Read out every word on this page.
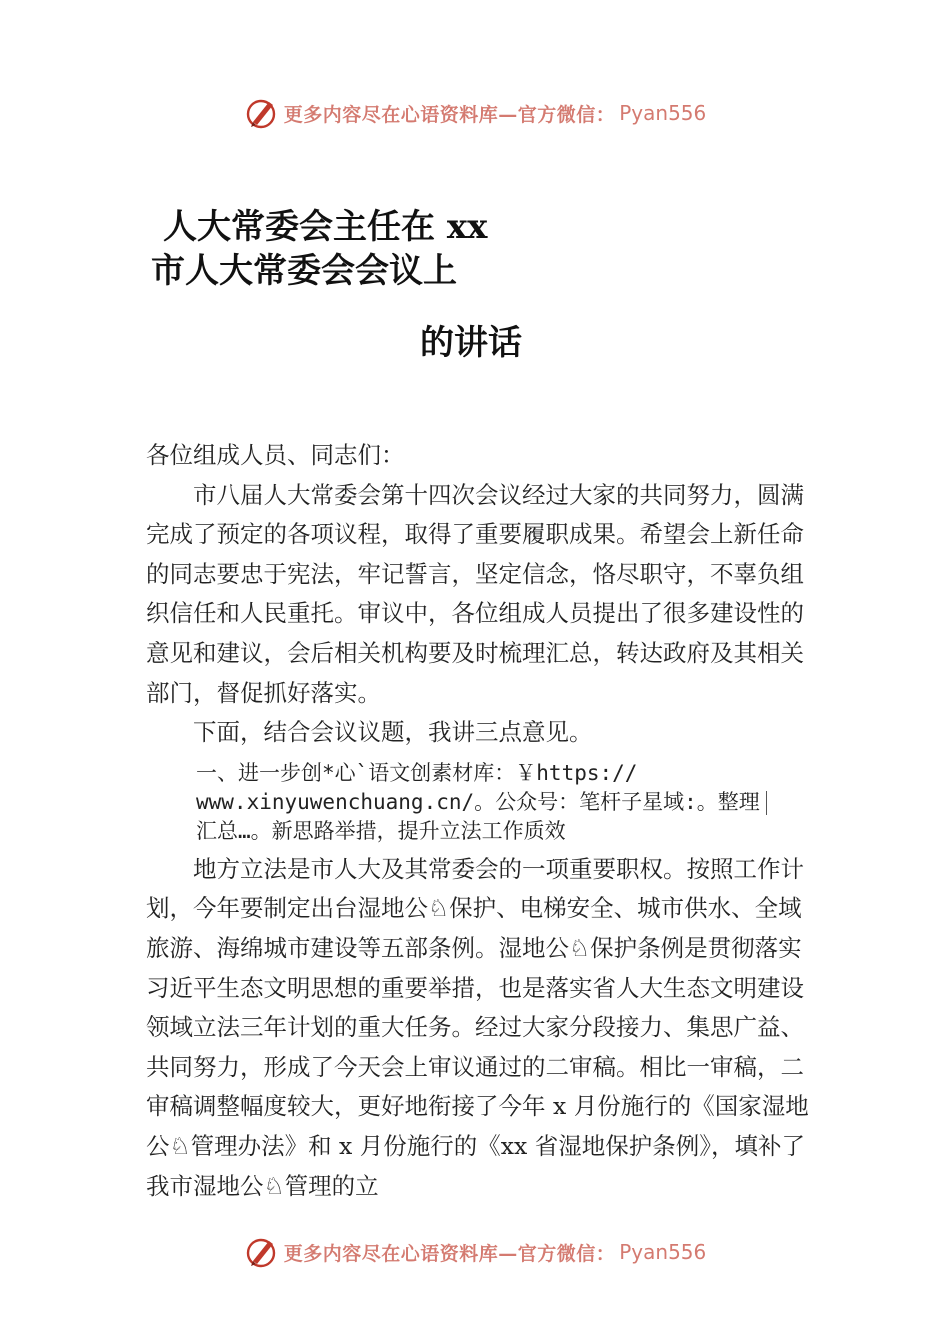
更多内容尽在心语资料库—官方微信： Pyan556
人大常委会主任在 xx
市人大常委会会议上
的讲话

各位组成人员、同志们：

市八届人大常委会第十四次会议经过大家的共同努力，圆满完成了预定的各项议程，取得了重要履职成果。希望会上新任命的同志要忠于宪法，牢记誓言，坚定信念，恪尽职守，不辜负组织信任和人民重托。审议中，各位组成人员提出了很多建设性的意见和建议，会后相关机构要及时梳理汇总，转达政府及其相关部门，督促抓好落实。

下面，结合会议议题，我讲三点意见。

一、进一步创*心`语文创素材库：￥https://
www.xinyuwenchuang.cn/。公众号：笔杆子星域:。整理
汇总…。新思路举措，提升立法工作质效

地方立法是市人大及其常委会的一项重要职权。按照工作计划，今年要制定出台湿地公♘保护、电梯安全、城市供水、全域旅游、海绵城市建设等五部条例。湿地公♘保护条例是贯彻落实习近平生态文明思想的重要举措，也是落实省人大生态文明建设领域立法三年计划的重大任务。经过大家分段接力、集思广益、共同努力，形成了今天会上审议通过的二审稿。相比一审稿，二审稿调整幅度较大，更好地衔接了今年 x 月份施行的《国家湿地公♘管理办法》和 x 月份施行的《xx 省湿地保护条例》，填补了我市湿地公♘管理的立

更多内容尽在心语资料库—官方微信： Pyan556
